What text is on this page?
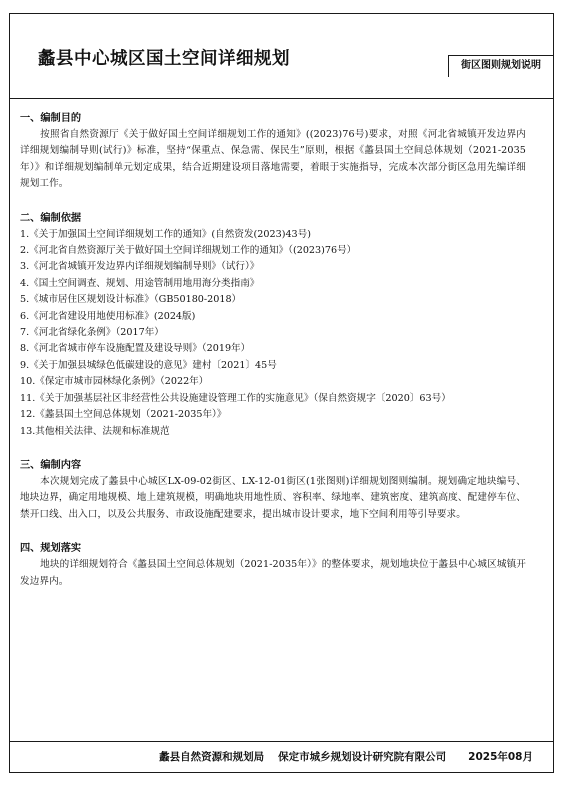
蠡县中心城区国土空间详细规划	街区图则规划说明
蠡县自然资源和规划局 保定市城乡规划设计研究院有限公司 2025年08月
一、编制目的

按照省自然资源厅《关于做好国土空间详细规划工作的通知》((2023)76号)要求，对照《河北省城镇开发边界内详细规划编制导则(试行)》标准，坚持“保重点、保急需、保民生”原则，根据《蠡县国土空间总体规划（2021-2035年）》和详细规划编制单元划定成果，结合近期建设项目落地需要，着眼于实施指导，完成本次部分街区急用先编详细规划工作。

二、编制依据
1.《关于加强国土空间详细规划工作的通知》(自然资发(2023)43号)
2.《河北省自然资源厅关于做好国土空间详细规划工作的通知》（(2023)76号）
3.《河北省城镇开发边界内详细规划编制导则》（试行）》
4.《国土空间调查、规划、用途管制用地用海分类指南》
5.《城市居住区规划设计标准》（GB50180-2018）
6.《河北省建设用地使用标准》(2024版)
7.《河北省绿化条例》（2017年）
8.《河北省城市停车设施配置及建设导则》（2019年）
9.《关于加强县城绿色低碳建设的意见》建村〔2021〕45号
10.《保定市城市园林绿化条例》（2022年）
11.《关于加强基层社区非经营性公共设施建设管理工作的实施意见》（保自然资规字〔2020〕63号）
12.《蠡县国土空间总体规划（2021-2035年）》
13.其他相关法律、法规和标准规范
三、编制内容

本次规划完成了蠡县中心城区LX-09-02街区、LX-12-01街区(1张图则)详细规划图则编制。规划确定地块编号、地块边界，确定用地规模、地上建筑规模，明确地块用地性质、容积率、绿地率、建筑密度、建筑高度、配建停车位、禁开口线、出入口，以及公共服务、市政设施配建要求，提出城市设计要求，地下空间利用等引导要求。

四、规划落实

地块的详细规划符合《蠡县国土空间总体规划（2021-2035年）》的整体要求，规划地块位于蠡县中心城区城镇开发边界内。
